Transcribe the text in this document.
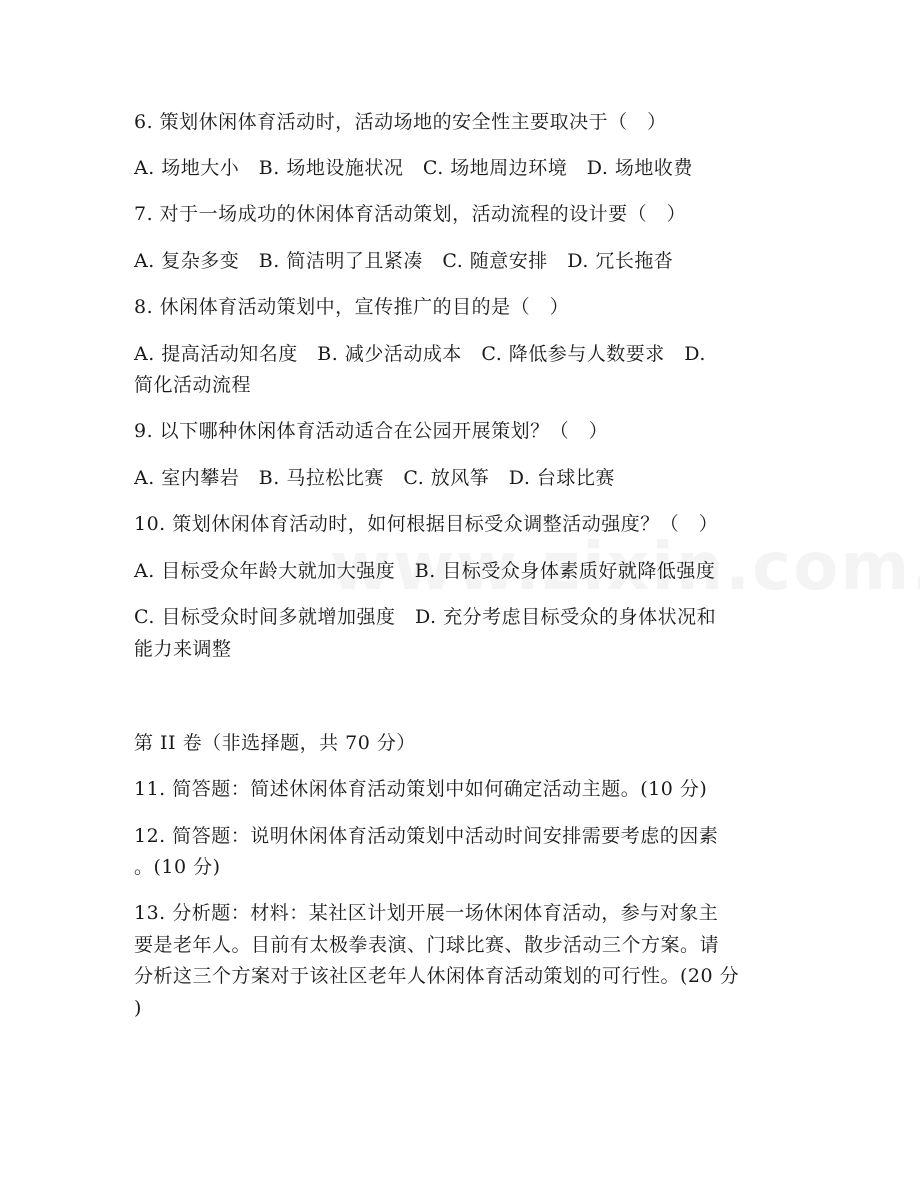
6. 策划休闲体育活动时，活动场地的安全性主要取决于（　）
A. 场地大小　B. 场地设施状况　C. 场地周边环境　D. 场地收费
7. 对于一场成功的休闲体育活动策划，活动流程的设计要（　）
A. 复杂多变　B. 简洁明了且紧凑　C. 随意安排　D. 冗长拖沓
8. 休闲体育活动策划中，宣传推广的目的是（　）
A. 提高活动知名度　B. 减少活动成本　C. 降低参与人数要求　D.
简化活动流程
9. 以下哪种休闲体育活动适合在公园开展策划？（　）
A. 室内攀岩　B. 马拉松比赛　C. 放风筝　D. 台球比赛
10. 策划休闲体育活动时，如何根据目标受众调整活动强度？（　）
A. 目标受众年龄大就加大强度　B. 目标受众身体素质好就降低强度
C. 目标受众时间多就增加强度　D. 充分考虑目标受众的身体状况和
能力来调整
第 II 卷（非选择题，共 70 分）
11. 简答题：简述休闲体育活动策划中如何确定活动主题。(10 分)
12. 简答题：说明休闲体育活动策划中活动时间安排需要考虑的因素
。(10 分)
13. 分析题：材料：某社区计划开展一场休闲体育活动，参与对象主
要是老年人。目前有太极拳表演、门球比赛、散步活动三个方案。请
分析这三个方案对于该社区老年人休闲体育活动策划的可行性。(20 分
)
